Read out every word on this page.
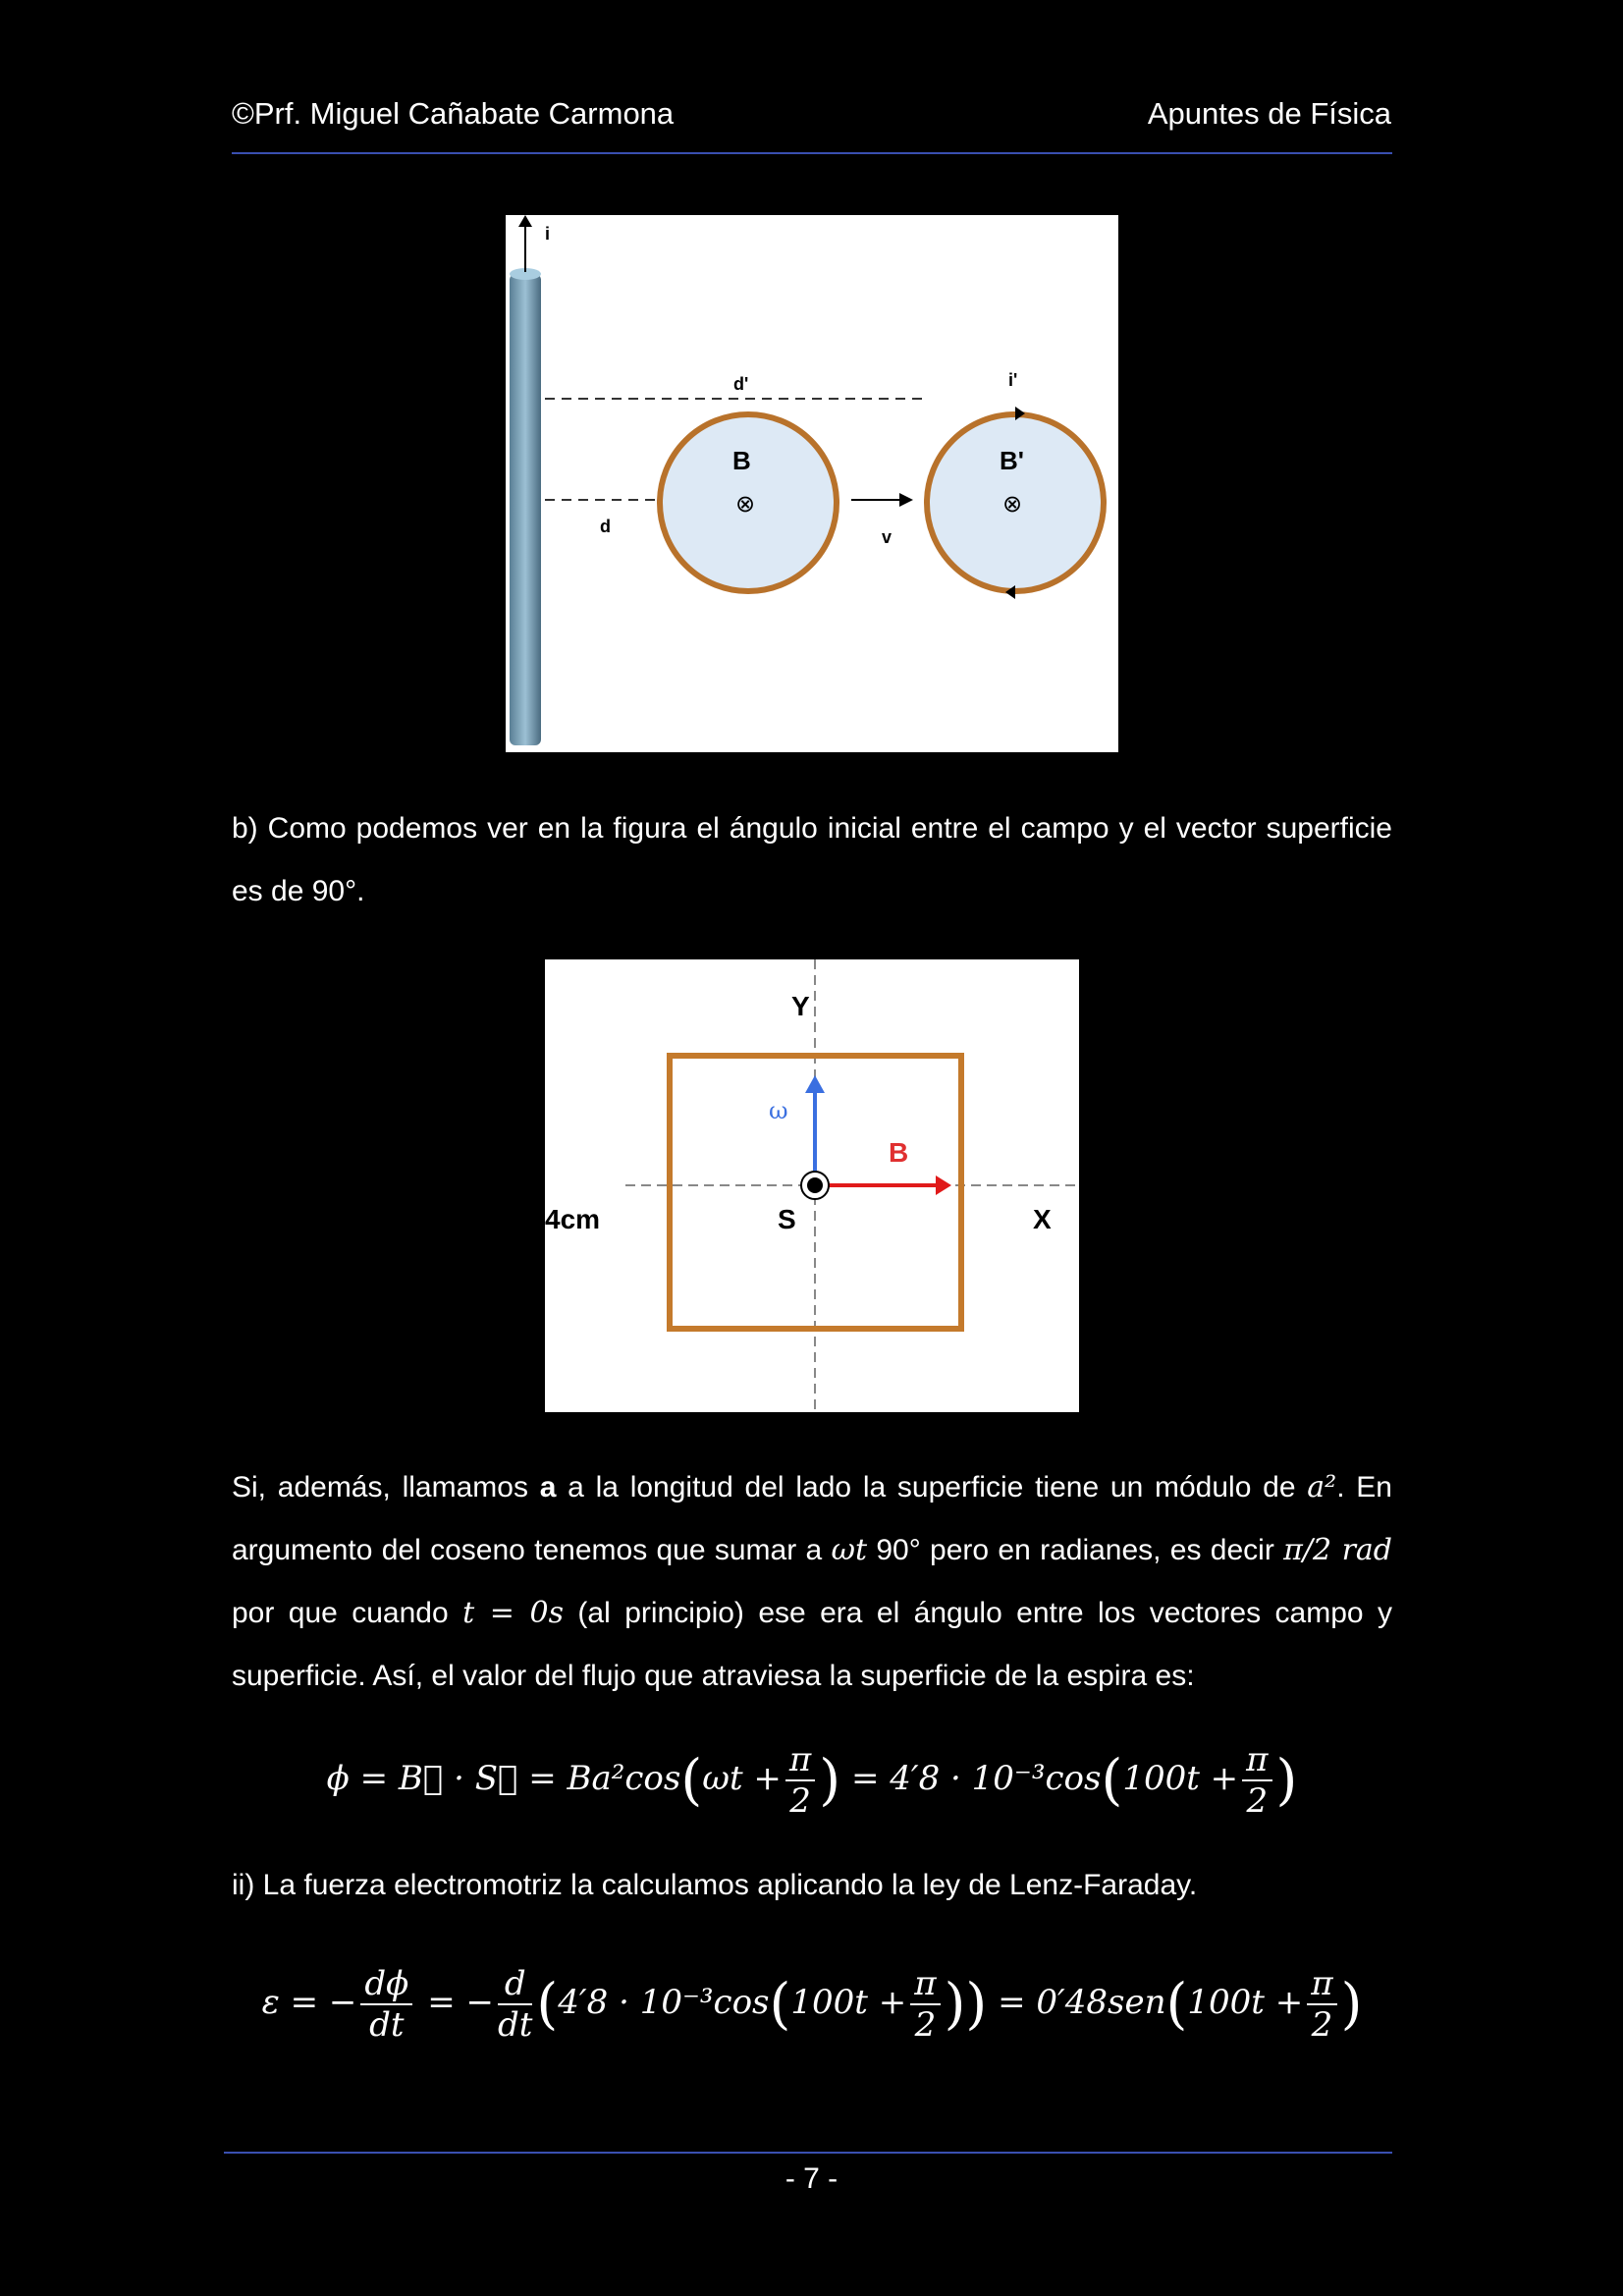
©Prf. Miguel Cañabate Carmona	Apuntes de Física
i
d'
d
B
⊗
v
i'
B'
⊗
b) Como podemos ver en la figura el ángulo inicial entre el campo y el vector superficie
es de 90°.
Y
X
ω
B
S
4cm
Si, además, llamamos a a la longitud del lado la superficie tiene un módulo de a². En argumento del coseno tenemos que sumar a ωt 90° pero en radianes, es decir π/2 rad por que cuando t = 0s (al principio) ese era el ángulo entre los vectores campo y superficie. Así, el valor del flujo que atraviesa la superficie de la espira es:
ϕ = B⃗ · S⃗ = $Ba^2\cos(\omega t + \frac{\pi}{2}$ ) = $4'8 \cdot 10^{-3}\cos(100t + \frac{\pi}{2}$ )
ii) La fuerza electromotriz la calculamos aplicando la ley de Lenz-Faraday.
ε = − $\frac{d\phi}{dt}$ = − $\frac{d}{dt} (4'8 \cdot 10^{-3}\cos(100t + \frac{\pi}{2}$ )) = $0'48sen(100t + \frac{\pi}{2}$ )
- 7 -
